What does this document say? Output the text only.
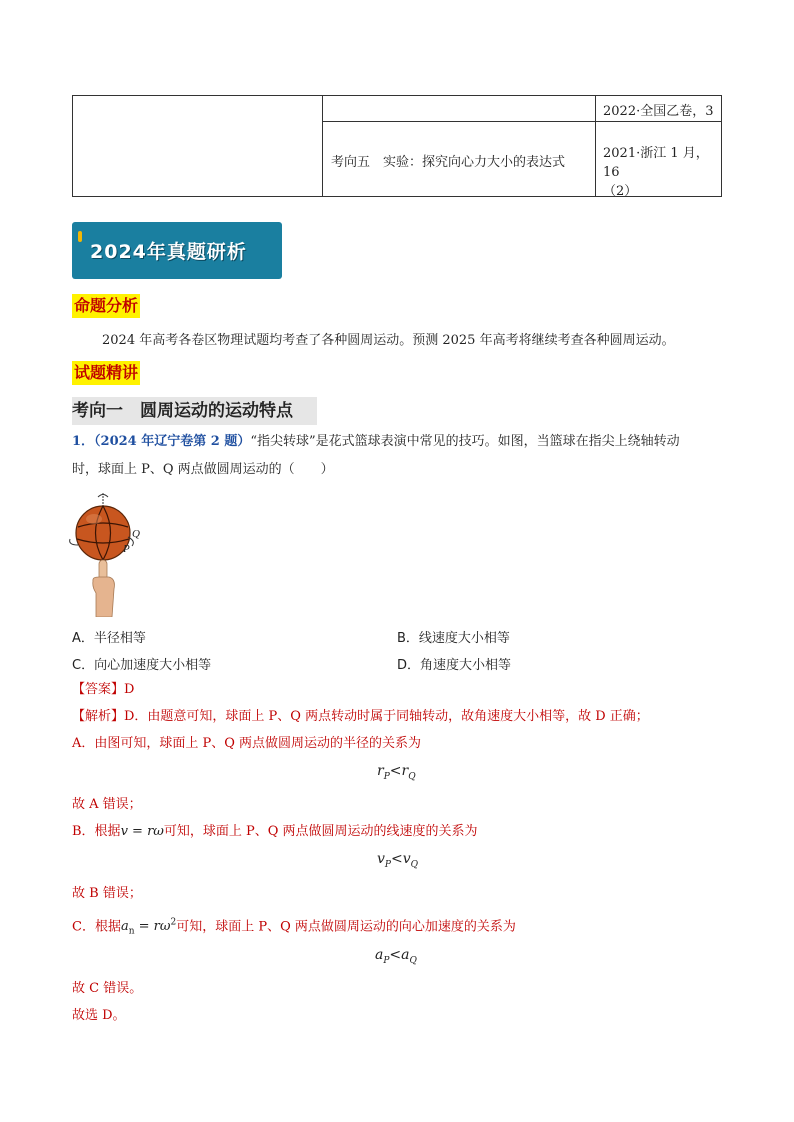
2022·全国乙卷，3
考向五　实验：探究向心力大小的表达式
2021·浙江 1 月，16
（2）
2024年真题研析
命题分析
2024 年高考各卷区物理试题均考查了各种圆周运动。预测 2025 年高考将继续考查各种圆周运动。
试题精讲
考向一　圆周运动的运动特点
1．（2024 年辽宁卷第 2 题）“指尖转球”是花式篮球表演中常见的技巧。如图，当篮球在指尖上绕轴转动
时，球面上 P、Q 两点做圆周运动的（　　）
Q
P
A．半径相等	B．线速度大小相等
C．向心加速度大小相等	D．角速度大小相等
【答案】D
【解析】D．由题意可知，球面上 P、Q 两点转动时属于同轴转动，故角速度大小相等，故 D 正确；
A．由图可知，球面上 P、Q 两点做圆周运动的半径的关系为
$r_P<r_Q$
故 A 错误；
B．根据v = rω可知，球面上 P、Q 两点做圆周运动的线速度的关系为
$v_P<v_Q$
故 B 错误；
C．根据$a_n = r\omega^2$可知，球面上 P、Q 两点做圆周运动的向心加速度的关系为
$a_P<a_Q$
故 C 错误。
故选 D。
